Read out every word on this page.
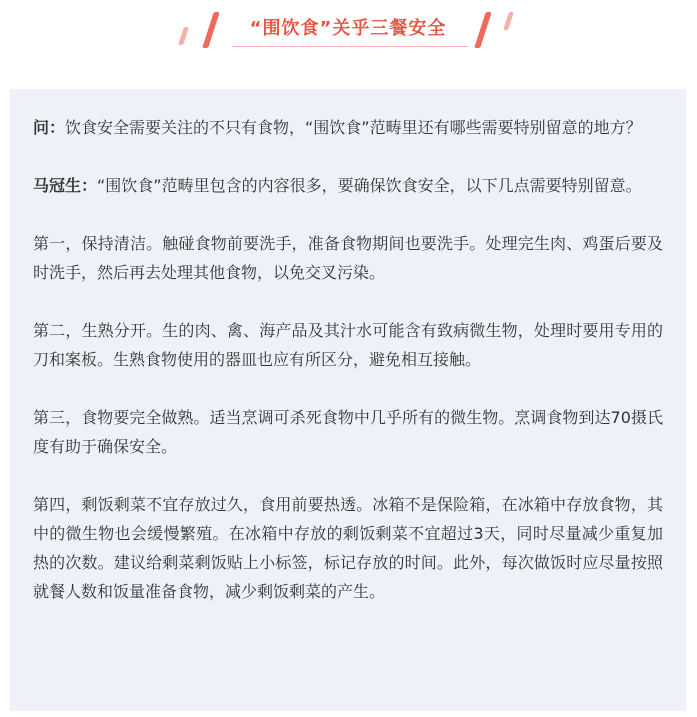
“围饮食”关乎三餐安全

问：饮食安全需要关注的不只有食物，“围饮食”范畴里还有哪些需要特别留意的地方？

马冠生：“围饮食”范畴里包含的内容很多，要确保饮食安全，以下几点需要特别留意。

第一，保持清洁。触碰食物前要洗手，准备食物期间也要洗手。处理完生肉、鸡蛋后要及时洗手，然后再去处理其他食物，以免交叉污染。

第二，生熟分开。生的肉、禽、海产品及其汁水可能含有致病微生物，处理时要用专用的刀和案板。生熟食物使用的器皿也应有所区分，避免相互接触。

第三，食物要完全做熟。适当烹调可杀死食物中几乎所有的微生物。烹调食物到达70摄氏度有助于确保安全。

第四，剩饭剩菜不宜存放过久，食用前要热透。冰箱不是保险箱，在冰箱中存放食物，其中的微生物也会缓慢繁殖。在冰箱中存放的剩饭剩菜不宜超过3天，同时尽量减少重复加热的次数。建议给剩菜剩饭贴上小标签，标记存放的时间。此外，每次做饭时应尽量按照就餐人数和饭量准备食物，减少剩饭剩菜的产生。
